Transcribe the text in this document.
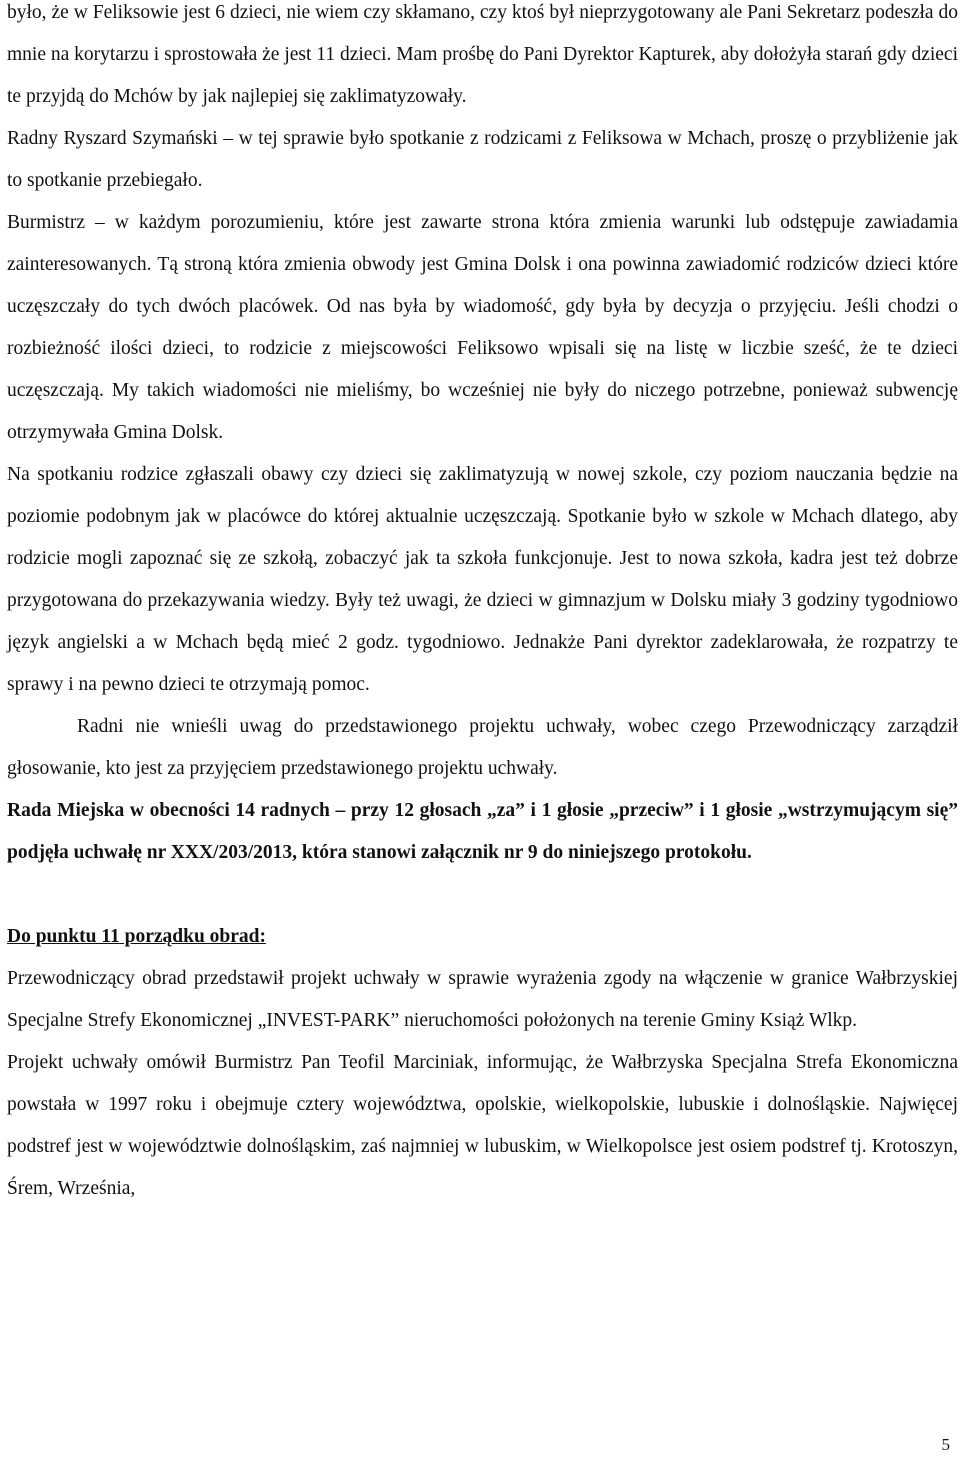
było, że w Feliksowie jest 6 dzieci, nie wiem czy skłamano, czy ktoś był nieprzygotowany ale Pani Sekretarz podeszła do mnie na korytarzu i sprostowała że jest 11 dzieci. Mam prośbę do Pani Dyrektor Kapturek, aby dołożyła starań gdy dzieci te przyjdą do Mchów by jak najlepiej się zaklimatyzowały.

Radny Ryszard Szymański – w tej sprawie było spotkanie z rodzicami z Feliksowa w Mchach, proszę o przybliżenie jak to spotkanie przebiegało.

Burmistrz – w każdym porozumieniu, które jest zawarte strona która zmienia warunki lub odstępuje zawiadamia zainteresowanych. Tą stroną która zmienia obwody jest Gmina Dolsk i ona powinna zawiadomić rodziców dzieci które uczęszczały do tych dwóch placówek. Od nas była by wiadomość, gdy była by decyzja o przyjęciu. Jeśli chodzi o rozbieżność ilości dzieci, to rodzicie z miejscowości Feliksowo wpisali się na listę w liczbie sześć, że te dzieci uczęszczają. My takich wiadomości nie mieliśmy, bo wcześniej nie były do niczego potrzebne, ponieważ subwencję otrzymywała Gmina Dolsk.

Na spotkaniu rodzice zgłaszali obawy czy dzieci się zaklimatyzują w nowej szkole, czy poziom nauczania będzie na poziomie podobnym jak w placówce do której aktualnie uczęszczają. Spotkanie było w szkole w Mchach dlatego, aby rodzicie mogli zapoznać się ze szkołą, zobaczyć jak ta szkoła funkcjonuje. Jest to nowa szkoła, kadra jest też dobrze przygotowana do przekazywania wiedzy. Były też uwagi, że dzieci w gimnazjum w Dolsku miały 3 godziny tygodniowo język angielski a w Mchach będą mieć 2 godz. tygodniowo. Jednakże Pani dyrektor zadeklarowała, że rozpatrzy te sprawy i na pewno dzieci te otrzymają pomoc.

Radni nie wnieśli uwag do przedstawionego projektu uchwały, wobec czego Przewodniczący zarządził głosowanie, kto jest za przyjęciem przedstawionego projektu uchwały.

Rada Miejska w obecności 14 radnych – przy 12 głosach „za” i 1 głosie „przeciw” i 1 głosie „wstrzymującym się” podjęła uchwałę nr XXX/203/2013, która stanowi załącznik nr 9 do niniejszego protokołu.

Do punktu 11 porządku obrad:

Przewodniczący obrad przedstawił projekt uchwały w sprawie wyrażenia zgody na włączenie w granice Wałbrzyskiej Specjalne Strefy Ekonomicznej „INVEST-PARK” nieruchomości położonych na terenie Gminy Książ Wlkp.

Projekt uchwały omówił Burmistrz Pan Teofil Marciniak, informując, że Wałbrzyska Specjalna Strefa Ekonomiczna powstała w 1997 roku i obejmuje cztery województwa, opolskie, wielkopolskie, lubuskie i dolnośląskie. Najwięcej podstref jest w województwie dolnośląskim, zaś najmniej w lubuskim, w Wielkopolsce jest osiem podstref tj. Krotoszyn, Śrem, Września,

5
